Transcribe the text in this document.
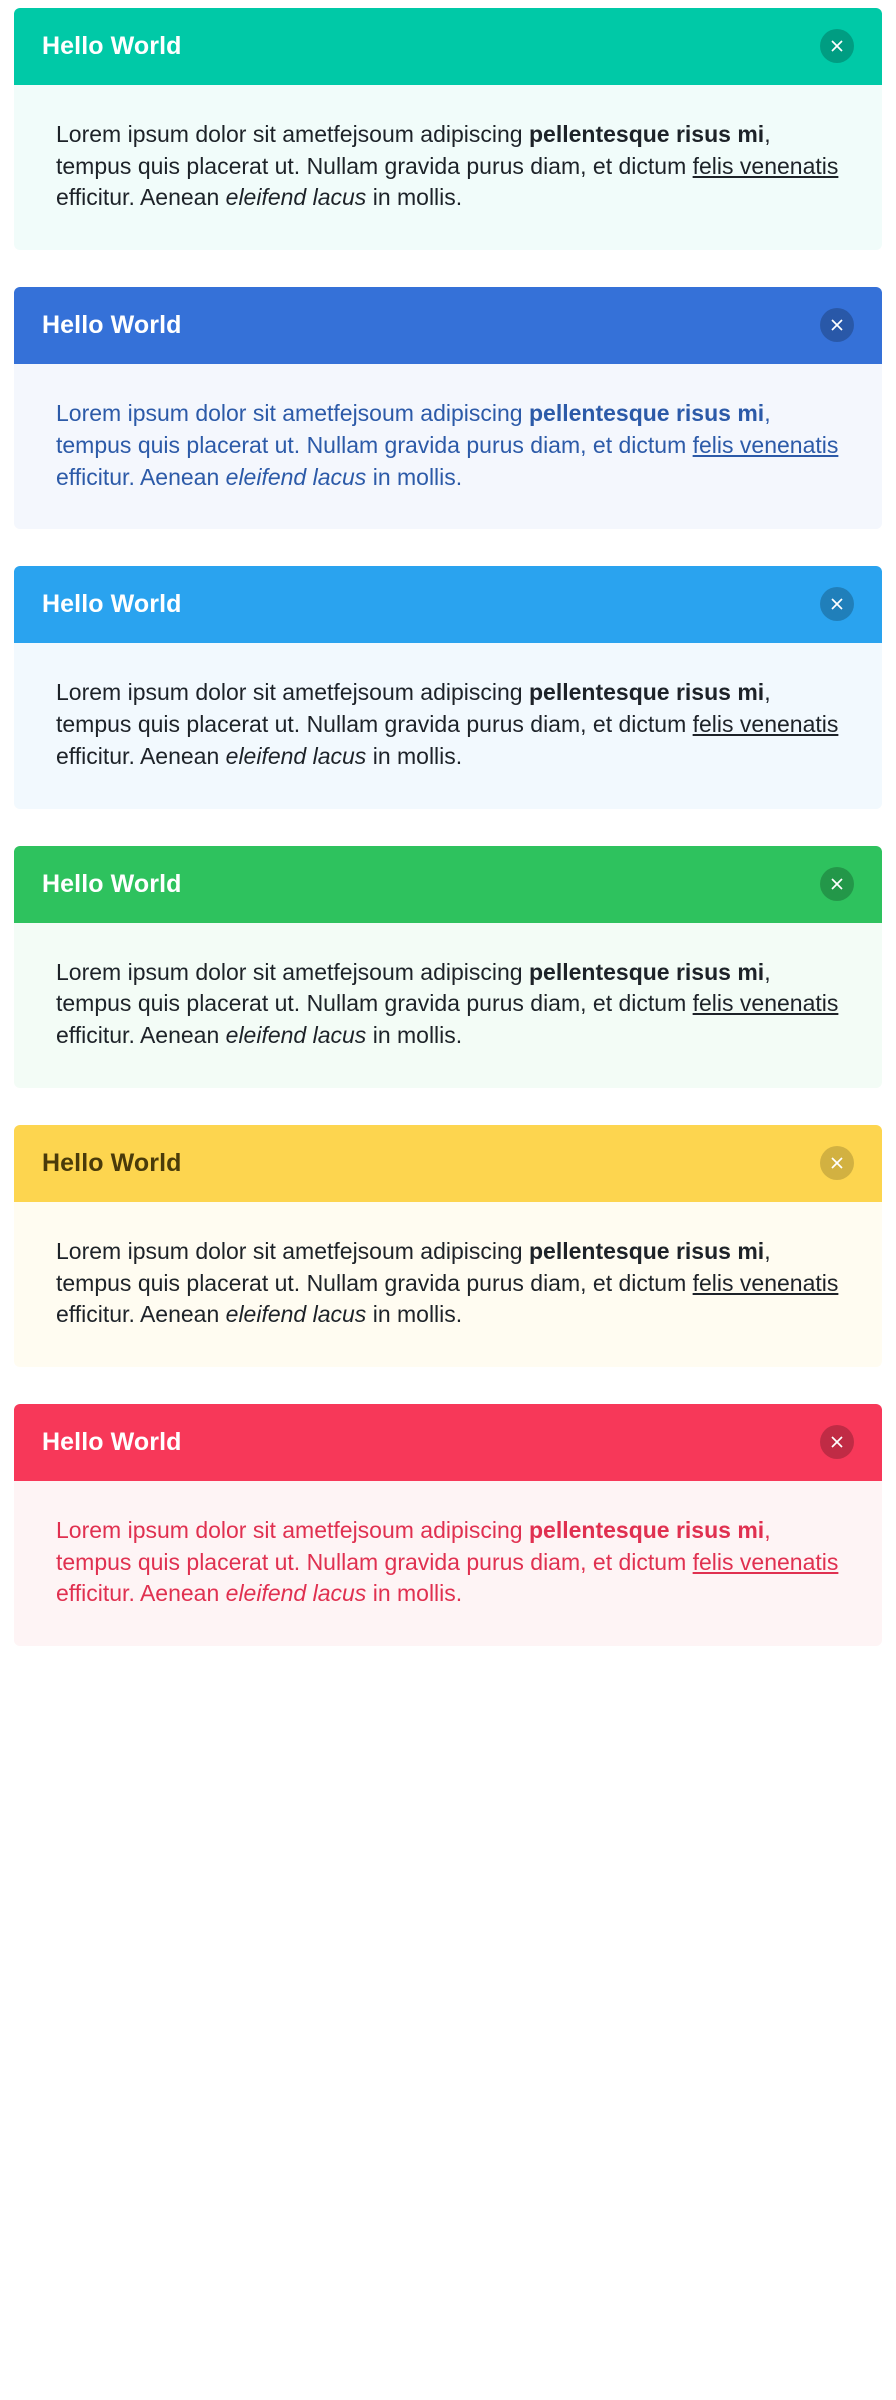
Hello World

Lorem ipsum dolor sit ametfejsoum adipiscing pellentesque risus mi, tempus quis placerat ut. Nullam gravida purus diam, et dictum felis venenatis efficitur. Aenean eleifend lacus in mollis.

Hello World

Lorem ipsum dolor sit ametfejsoum adipiscing pellentesque risus mi, tempus quis placerat ut. Nullam gravida purus diam, et dictum felis venenatis efficitur. Aenean eleifend lacus in mollis.

Hello World

Lorem ipsum dolor sit ametfejsoum adipiscing pellentesque risus mi, tempus quis placerat ut. Nullam gravida purus diam, et dictum felis venenatis efficitur. Aenean eleifend lacus in mollis.

Hello World

Lorem ipsum dolor sit ametfejsoum adipiscing pellentesque risus mi, tempus quis placerat ut. Nullam gravida purus diam, et dictum felis venenatis efficitur. Aenean eleifend lacus in mollis.

Hello World

Lorem ipsum dolor sit ametfejsoum adipiscing pellentesque risus mi, tempus quis placerat ut. Nullam gravida purus diam, et dictum felis venenatis efficitur. Aenean eleifend lacus in mollis.

Hello World

Lorem ipsum dolor sit ametfejsoum adipiscing pellentesque risus mi, tempus quis placerat ut. Nullam gravida purus diam, et dictum felis venenatis efficitur. Aenean eleifend lacus in mollis.
